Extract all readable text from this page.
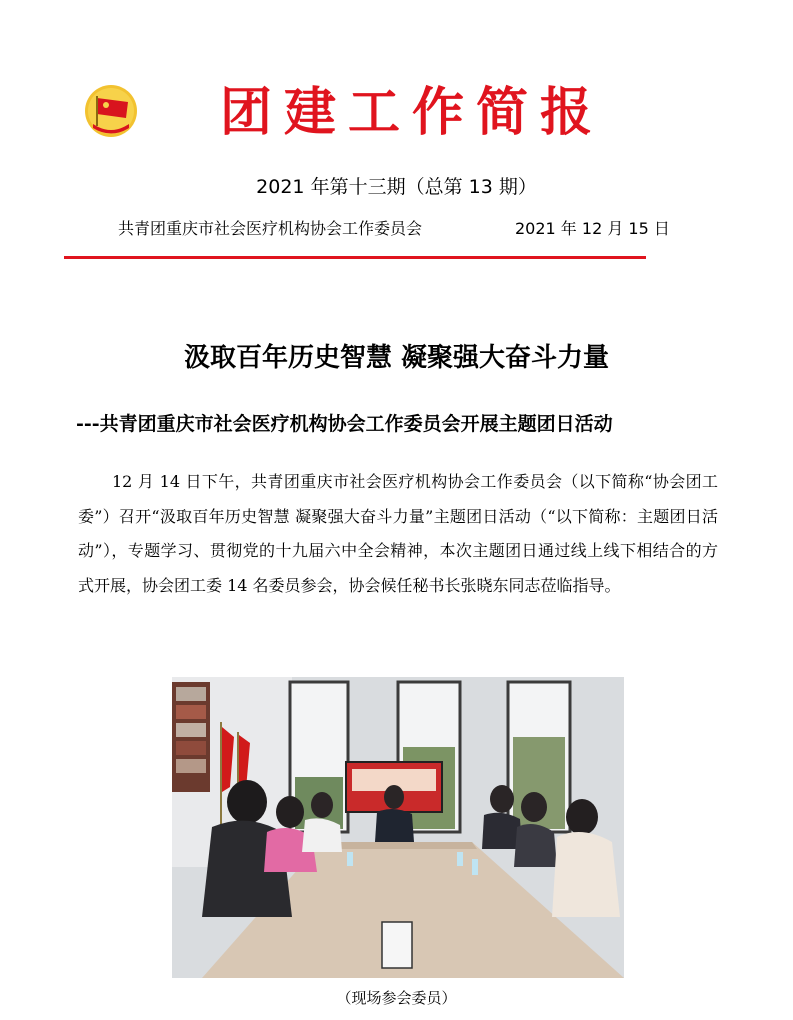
团建工作简报
2021 年第十三期（总第 13 期）
共青团重庆市社会医疗机构协会工作委员会	2021 年 12 月 15 日
汲取百年历史智慧 凝聚强大奋斗力量
---共青团重庆市社会医疗机构协会工作委员会开展主题团日活动
12 月 14 日下午，共青团重庆市社会医疗机构协会工作委员会（以下简称“协会团工委”）召开“汲取百年历史智慧 凝聚强大奋斗力量”主题团日活动（“以下简称：主题团日活动”），专题学习、贯彻党的十九届六中全会精神，本次主题团日通过线上线下相结合的方式开展，协会团工委 14 名委员参会，协会候任秘书长张晓东同志莅临指导。
（现场参会委员）
